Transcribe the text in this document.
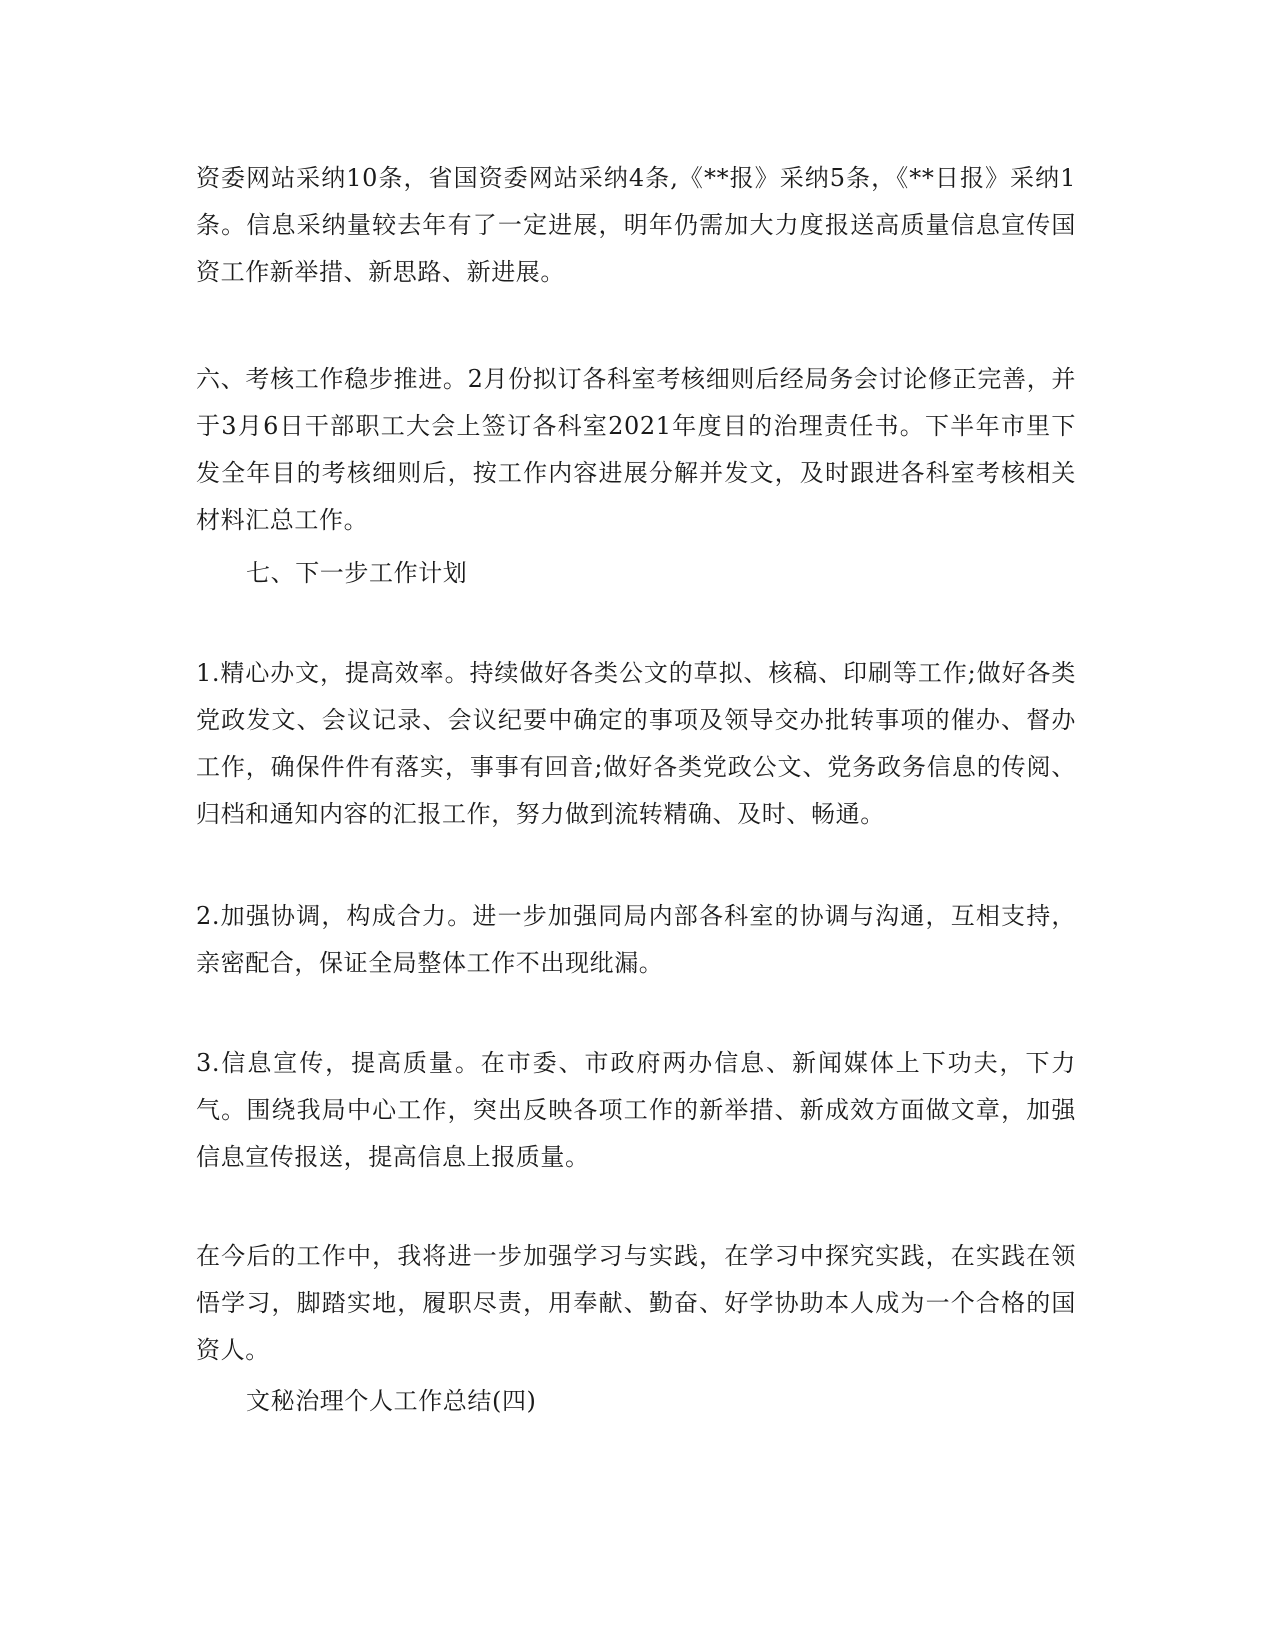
资委网站采纳10条，省国资委网站采纳4条,《**报》采纳5条，《**日报》采纳1条。信息采纳量较去年有了一定进展，明年仍需加大力度报送高质量信息宣传国资工作新举措、新思路、新进展。

六、考核工作稳步推进。2月份拟订各科室考核细则后经局务会讨论修正完善，并于3月6日干部职工大会上签订各科室2021年度目的治理责任书。下半年市里下发全年目的考核细则后，按工作内容进展分解并发文，及时跟进各科室考核相关材料汇总工作。

七、下一步工作计划

1.精心办文，提高效率。持续做好各类公文的草拟、核稿、印刷等工作;做好各类党政发文、会议记录、会议纪要中确定的事项及领导交办批转事项的催办、督办工作，确保件件有落实，事事有回音;做好各类党政公文、党务政务信息的传阅、归档和通知内容的汇报工作，努力做到流转精确、及时、畅通。

2.加强协调，构成合力。进一步加强同局内部各科室的协调与沟通，互相支持，亲密配合，保证全局整体工作不出现纰漏。

3.信息宣传，提高质量。在市委、市政府两办信息、新闻媒体上下功夫，下力气。围绕我局中心工作，突出反映各项工作的新举措、新成效方面做文章，加强信息宣传报送，提高信息上报质量。

在今后的工作中，我将进一步加强学习与实践，在学习中探究实践，在实践在领悟学习，脚踏实地，履职尽责，用奉献、勤奋、好学协助本人成为一个合格的国资人。

文秘治理个人工作总结(四)
